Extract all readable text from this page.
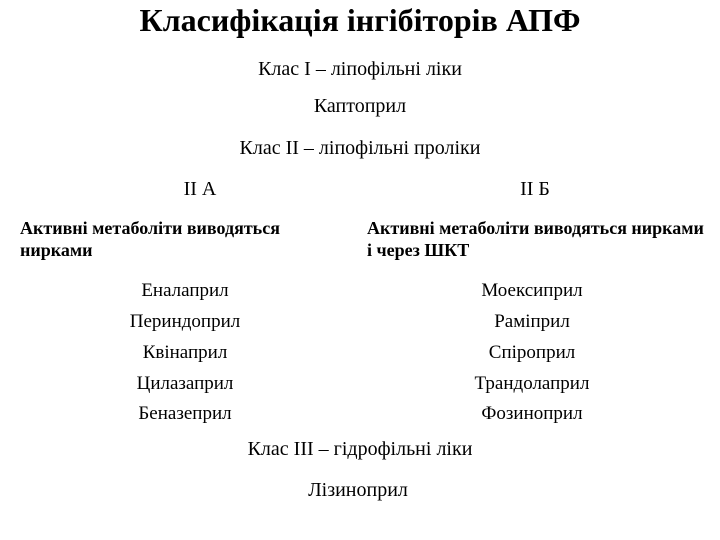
Класифікація інгібіторів АПФ
Клас І – ліпофільні ліки
Каптоприл
Клас ІІ – ліпофільні проліки
ІІ А
Активні метаболіти виводяться нирками
Еналаприл
Периндоприл
Квінаприл
Цилазаприл
Беназеприл
ІІ Б
Активні метаболіти виводяться нирками і через ШКТ
Моексиприл
Раміприл
Спіроприл
Трандолаприл
Фозиноприл
Клас ІІІ – гідрофільні ліки
Лізиноприл
